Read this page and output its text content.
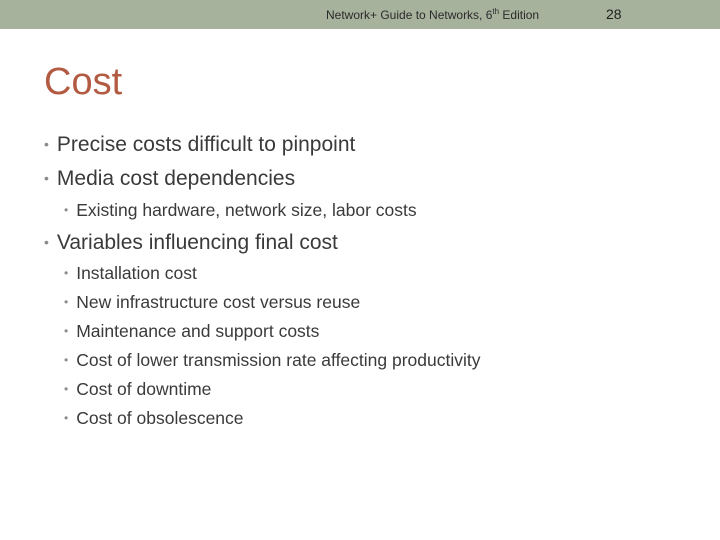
Network+ Guide to Networks, 6th Edition	28
Cost
• Precise costs difficult to pinpoint
• Media cost dependencies
• Existing hardware, network size, labor costs
• Variables influencing final cost
• Installation cost
• New infrastructure cost versus reuse
• Maintenance and support costs
• Cost of lower transmission rate affecting productivity
• Cost of downtime
• Cost of obsolescence
